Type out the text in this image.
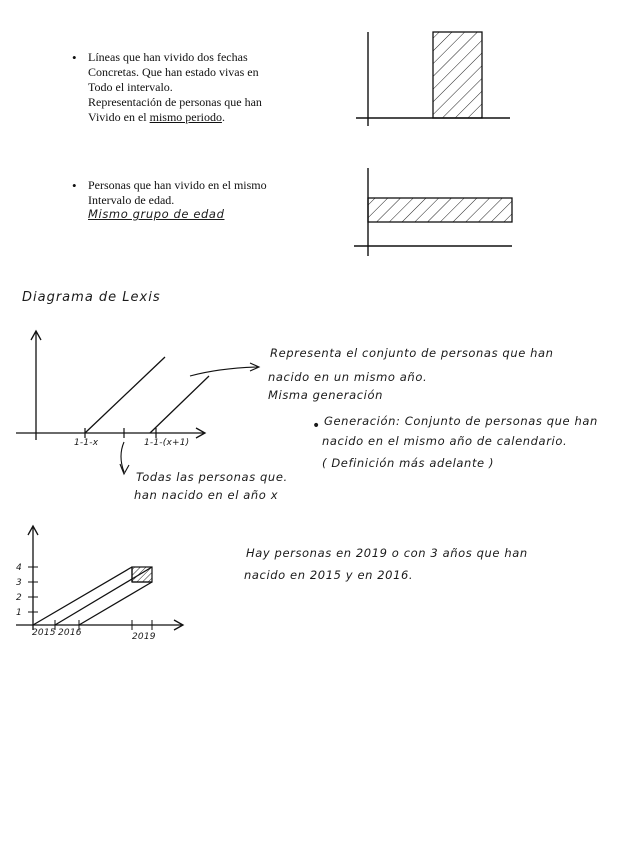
• Líneas que han vivido dos fechas
Concretas. Que han estado vivas en
Todo el intervalo.
Representación de personas que han
Vivido en el mismo periodo.
• Personas que han vivido en el mismo
Intervalo de edad.
Mismo grupo de edad
Diagrama de Lexis
1-1-x	1-1-(x+1)
Representa el conjunto de personas que han
nacido en un mismo año.
Misma generación
• Generación: Conjunto de personas que han
nacido en el mismo año de calendario.
( Definición más adelante )
Todas las personas que.
han nacido en el año x
4
3
2
1
2015 2016	2019
Hay personas en 2019 o con 3 años que han
nacido en 2015 y en 2016.
